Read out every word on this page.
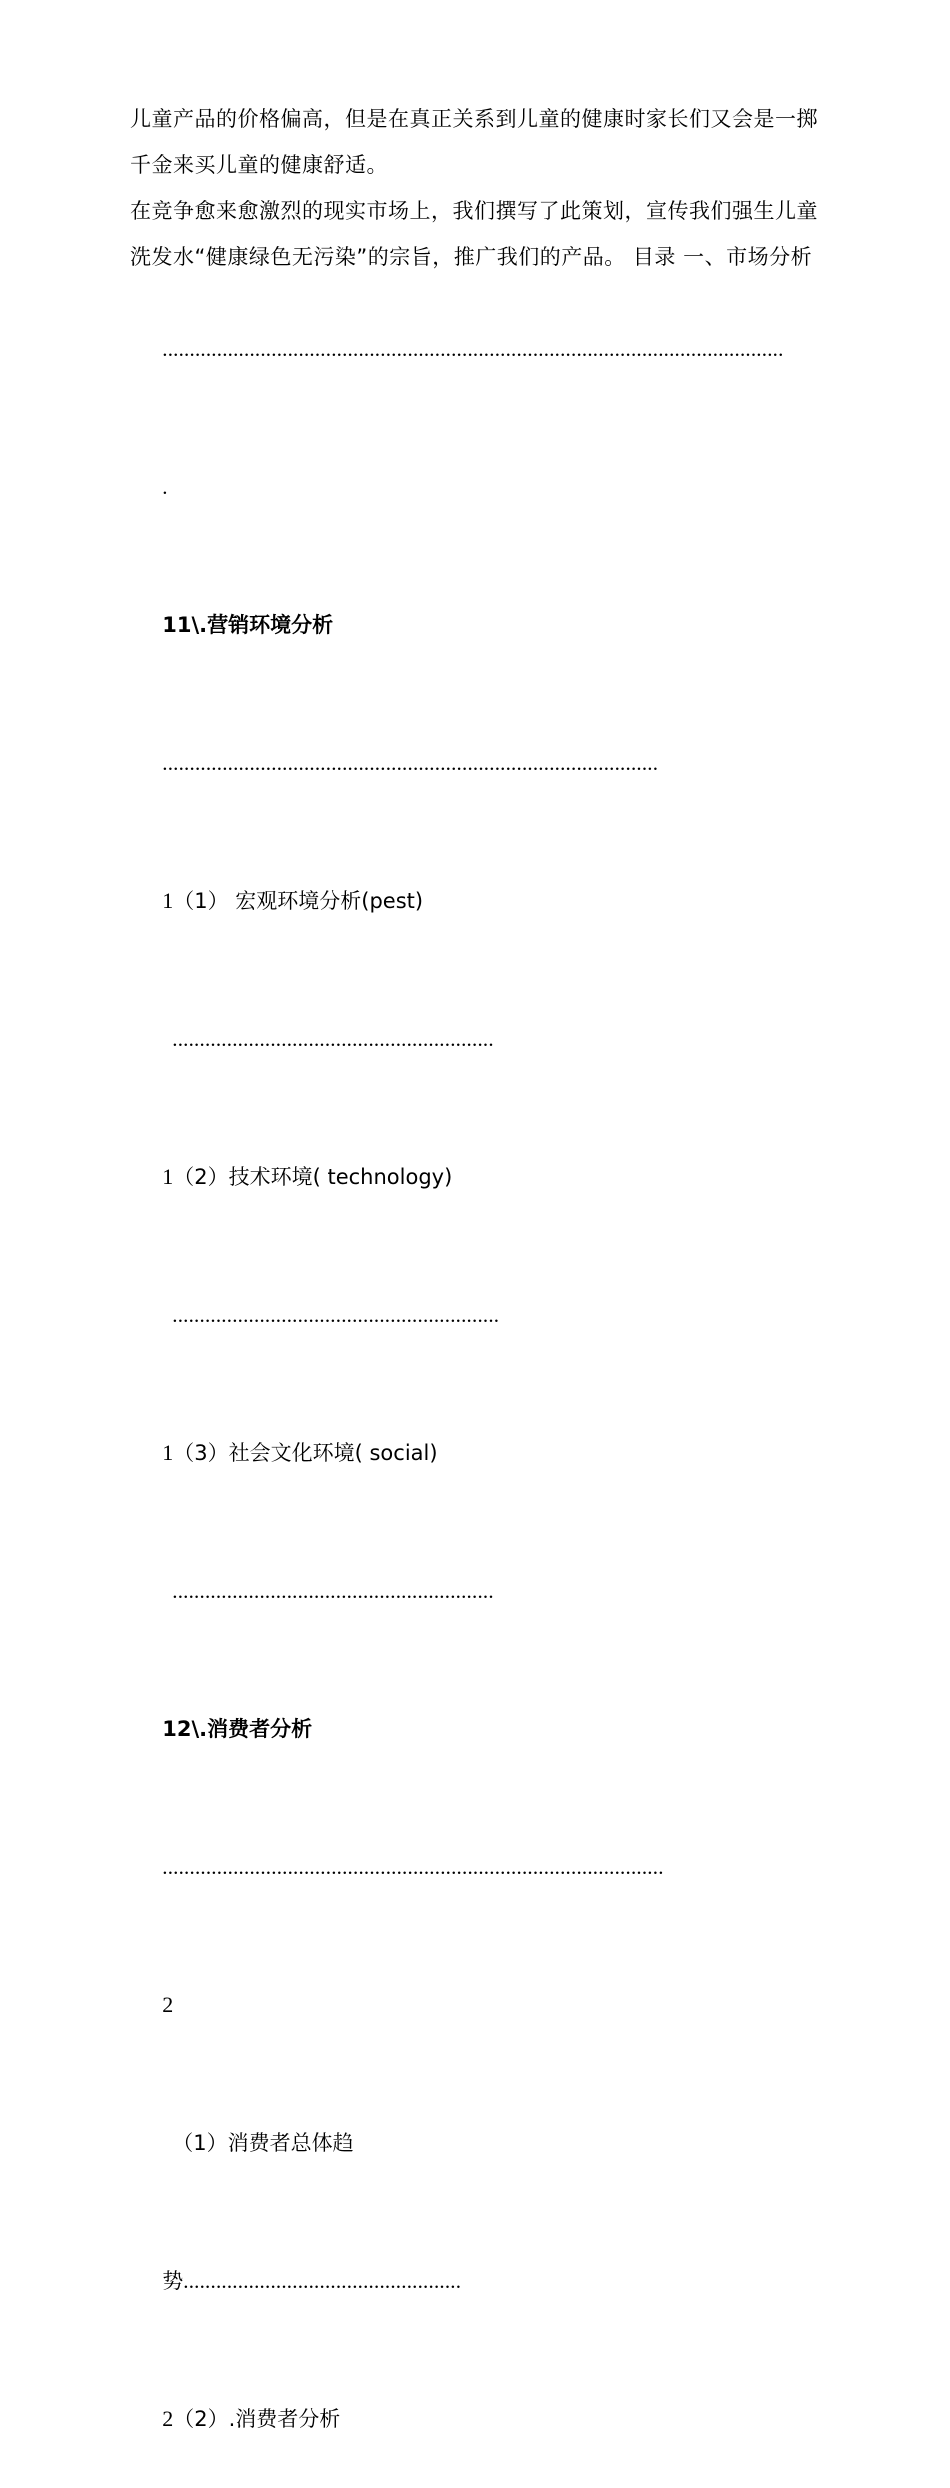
儿童产品的价格偏高，但是在真正关系到儿童的健康时家长们又会是一掷千金来买儿童的健康舒适。

在竞争愈来愈激烈的现实市场上，我们撰写了此策划，宣传我们强生儿童洗发水“健康绿色无污染”的宗旨，推广我们的产品。 目录 一、市场分析

..................................................................................................................

.

11\.营销环境分析

...........................................................................................

1（1） 宏观环境分析(pest)

...........................................................

1（2）技术环境( technology)

............................................................

1（3）社会文化环境( social)

...........................................................

12\.消费者分析

............................................................................................

2

（1）消费者总体趋

势...................................................

2（2）.消费者分析
